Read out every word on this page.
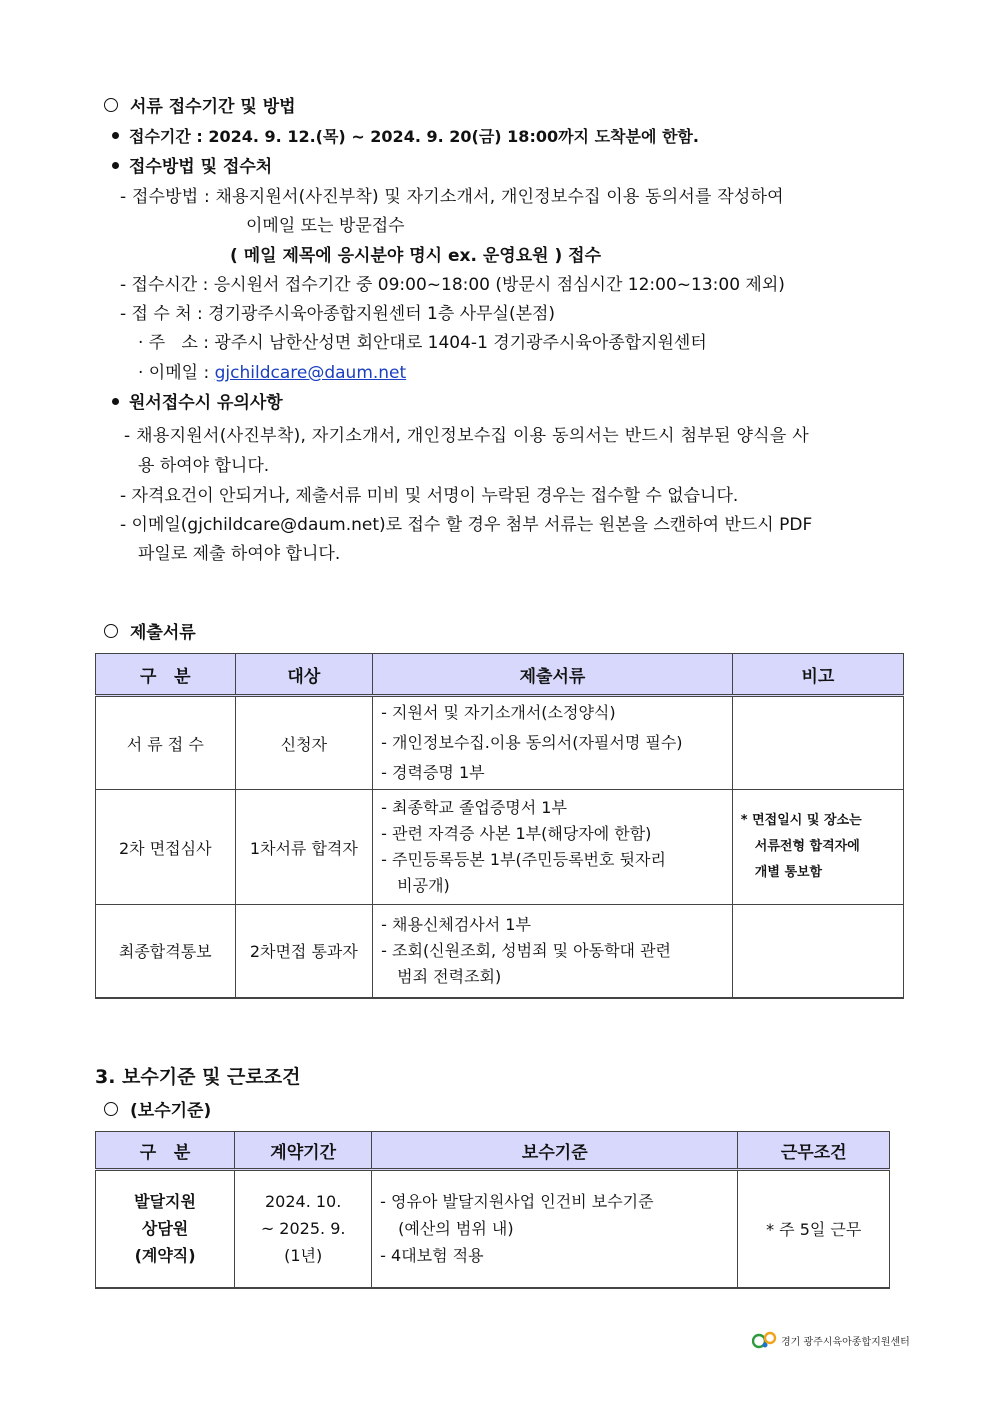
서류 접수기간 및 방법
접수기간 : 2024. 9. 12.(목) ~ 2024. 9. 20(금) 18:00까지 도착분에 한함.
접수방법 및 접수처
- 접수방법 : 채용지원서(사진부착) 및 자기소개서, 개인정보수집 이용 동의서를 작성하여
이메일 또는 방문접수
( 메일 제목에 응시분야 명시 ex. 운영요원 ) 접수
- 접수시간 : 응시원서 접수기간 중 09:00~18:00 (방문시 점심시간 12:00~13:00 제외)
- 접 수 처 : 경기광주시육아종합지원센터 1층 사무실(본점)
· 주   소 : 광주시 남한산성면 회안대로 1404-1 경기광주시육아종합지원센터
· 이메일 : gjchildcare@daum.net
원서접수시 유의사항
- 채용지원서(사진부착), 자기소개서, 개인정보수집 이용 동의서는 반드시 첨부된 양식을 사
용 하여야 합니다.
- 자격요건이 안되거나, 제출서류 미비 및 서명이 누락된 경우는 접수할 수 없습니다.
- 이메일(gjchildcare@daum.net)로 접수 할 경우 첨부 서류는 원본을 스캔하여 반드시 PDF
파일로 제출 하여야 합니다.
제출서류
구   분	대상	제출서류	비고
서 류 접 수	신청자	- 지원서 및 자기소개서(소정양식)
- 개인정보수집.이용 동의서(자필서명 필수)
- 경력증명 1부	

2차 면접심사	1차서류 합격자	- 최종학교 졸업증명서 1부
- 관련 자격증 사본 1부(해당자에 한함)
- 주민등록등본 1부(주민등록번호 뒷자리
비공개)	* 면접일시 및 장소는
서류전형 합격자에
개별 통보함

최종합격통보	2차면접 통과자	- 채용신체검사서 1부
- 조회(신원조회, 성범죄 및 아동학대 관련
범죄 전력조회)	

3. 보수기준 및 근로조건
(보수기준)
구   분	계약기간	보수기준	근무조건

발달지원
상담원
(계약직)	2024. 10.
~ 2025. 9.
(1년)	- 영유아 발달지원사업 인건비 보수기준
(예산의 범위 내)
- 4대보험 적용	* 주 5일 근무
경기 광주시육아종합지원센터
